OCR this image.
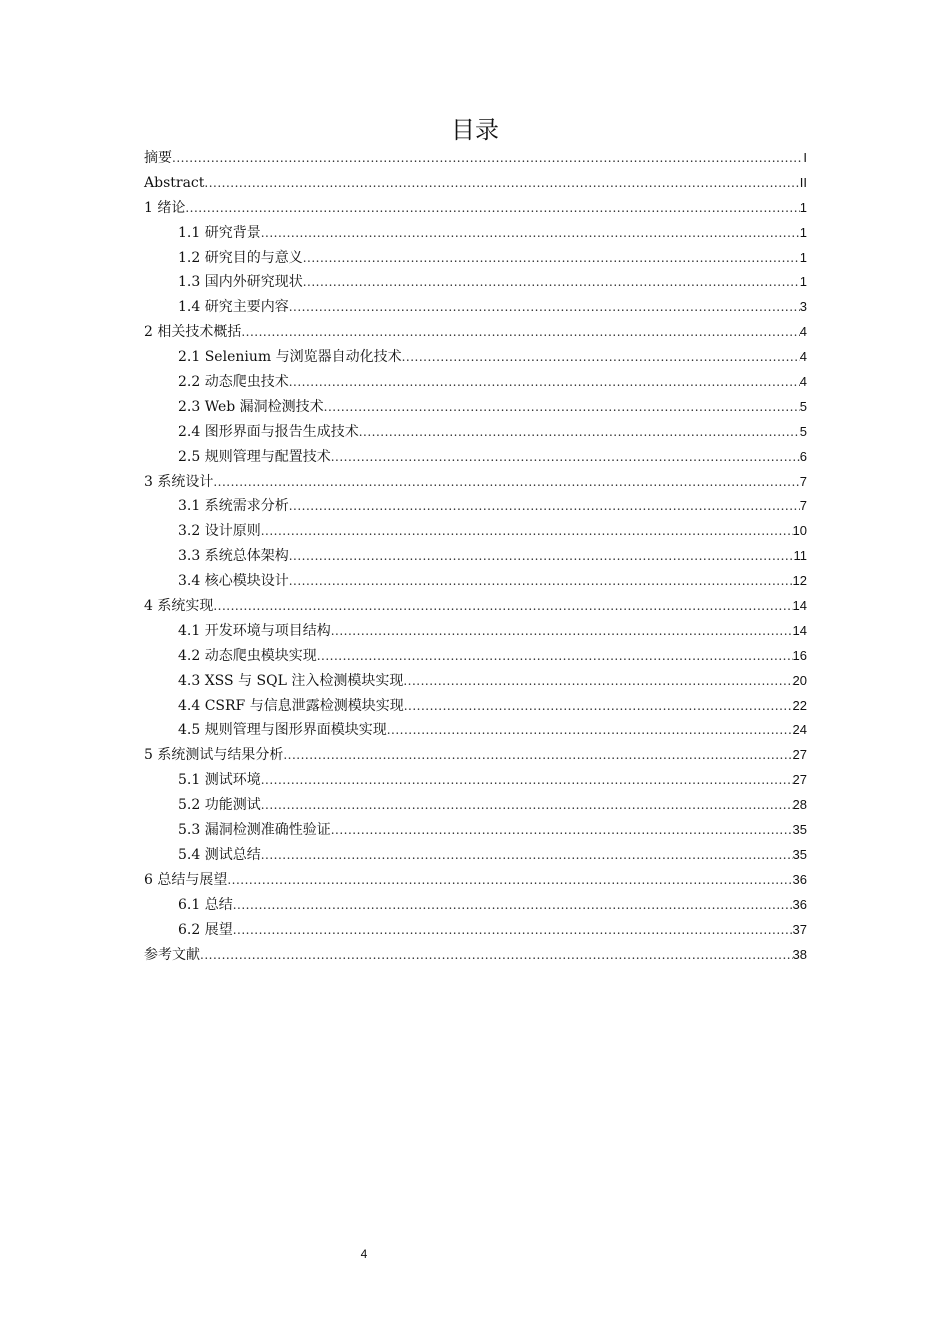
目录
摘要 .....	I
Abstract .....	II
1 绪论 .....	1
1.1 研究背景 .....	1
1.2 研究目的与意义 .....	1
1.3 国内外研究现状 .....	1
1.4 研究主要内容 .....	3
2 相关技术概括 .....	4
2.1 Selenium 与浏览器自动化技术 .....	4
2.2 动态爬虫技术 .....	4
2.3 Web 漏洞检测技术 .....	5
2.4 图形界面与报告生成技术 .....	5
2.5 规则管理与配置技术 .....	6
3 系统设计 .....	7
3.1 系统需求分析 .....	7
3.2 设计原则 .....	10
3.3 系统总体架构 .....	11
3.4 核心模块设计 .....	12
4 系统实现 .....	14
4.1 开发环境与项目结构 .....	14
4.2 动态爬虫模块实现 .....	16
4.3 XSS 与 SQL 注入检测模块实现 .....	20
4.4 CSRF 与信息泄露检测模块实现 .....	22
4.5 规则管理与图形界面模块实现 .....	24
5 系统测试与结果分析 .....	27
5.1 测试环境 .....	27
5.2 功能测试 .....	28
5.3 漏洞检测准确性验证 .....	35
5.4 测试总结 .....	35
6 总结与展望 .....	36
6.1 总结 .....	36
6.2 展望 .....	37
参考文献 .....	38
4
